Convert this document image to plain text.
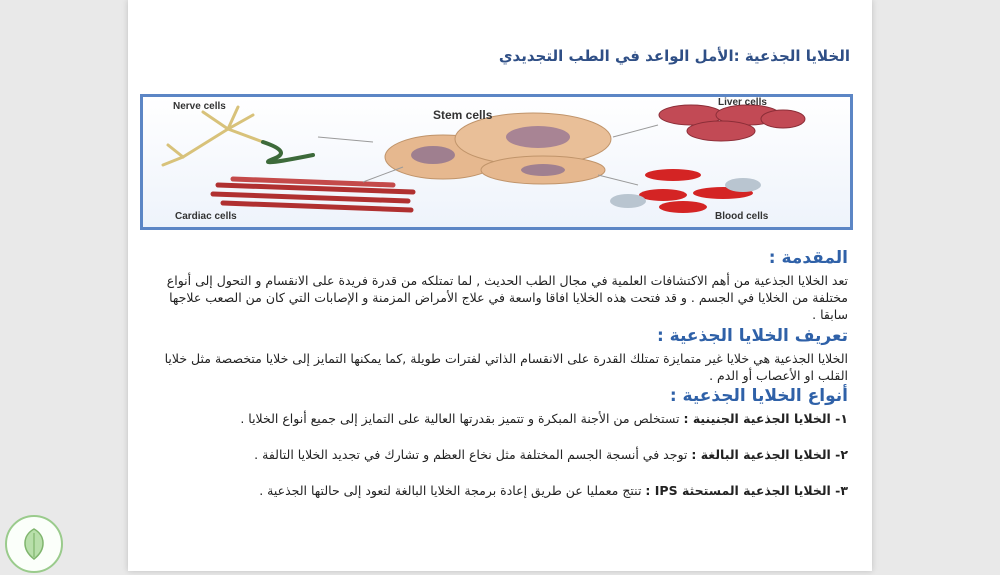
الخلايا الجذعية :الأمل الواعد في الطب التجديدي
Nerve cells
Stem cells
Liver cells
Cardiac cells	Blood cells
المقدمة :
تعد الخلايا الجذعية من أهم الاكتشافات العلمية في مجال الطب الحديث , لما تمتلكه من قدرة فريدة على الانقسام و التحول إلى أنواع مختلفة من الخلايا في الجسم . و قد فتحت هذه الخلايا افاقا واسعة في علاج الأمراض المزمنة و الإصابات التي كان من الصعب علاجها سابقا .
تعريف الخلايا الجذعية :
الخلايا الجذعية هي خلايا غير متمايزة تمتلك القدرة على الانقسام الذاتي لفترات طويلة ,كما يمكنها التمايز إلى خلايا متخصصة مثل خلايا القلب او الأعصاب أو الدم .
أنواع الخلايا الجذعية :
١- الخلايا الجذعية الجنينية : تستخلص من الأجنة المبكرة و تتميز بقدرتها العالية على التمايز إلى جميع أنواع الخلايا .
٢- الخلايا الجذعية البالغة : توجد في أنسجة الجسم المختلفة مثل نخاع العظم و تشارك في تجديد الخلايا التالفة .
٣- الخلايا الجذعية المستحثة IPS : تنتج معمليا عن طريق إعادة برمجة الخلايا البالغة لتعود إلى حالتها الجذعية .
